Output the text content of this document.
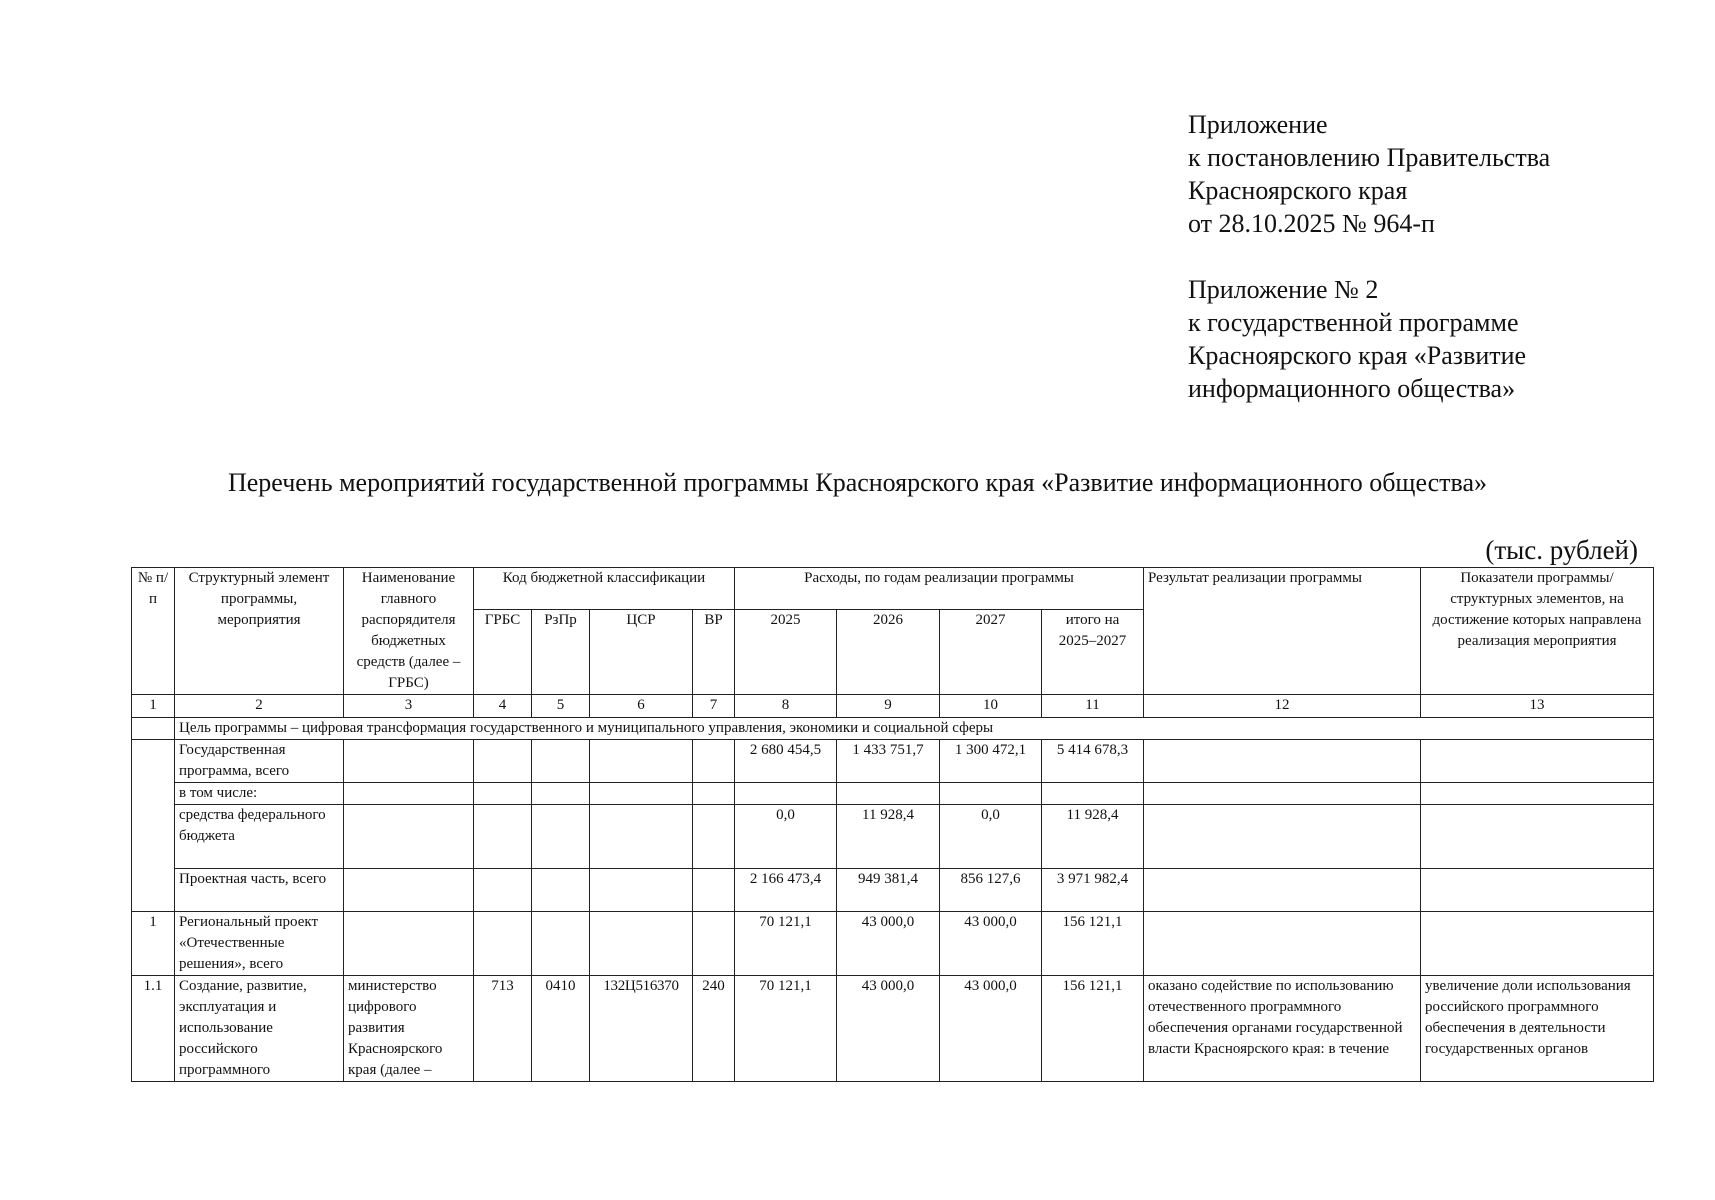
Приложение
к постановлению Правительства
Красноярского края
от 28.10.2025 № 964-п
Приложение № 2
к государственной программе
Красноярского края «Развитие
информационного общества»
Перечень мероприятий государственной программы Красноярского края «Развитие информационного общества»
(тыс. рублей)
№ п/п	Структурный элемент программы, мероприятия	Наименование главного распорядителя бюджетных средств (далее – ГРБС)	Код бюджетной классификации				Расходы, по годам реализации программы				Результат реализации программы	Показатели программы/структурных элементов, на достижение которых направлена реализация мероприятия
			ГРБС	РзПр	ЦСР	ВР	2025	2026	2027	итого на 2025–2027		
1	2	3	4	5	6	7	8	9	10	11	12	13
	Цель программы – цифровая трансформация государственного и муниципального управления, экономики и социальной сферы											
	Государственная программа, всего						2 680 454,5	1 433 751,7	1 300 472,1	5 414 678,3		
	в том числе:											
	средства федерального бюджета						0,0	11 928,4	0,0	11 928,4		
	Проектная часть, всего						2 166 473,4	949 381,4	856 127,6	3 971 982,4		
1	Региональный проект «Отечественные решения», всего						70 121,1	43 000,0	43 000,0	156 121,1		
1.1	Создание, развитие, эксплуатация и использование российского программного	министерство цифрового развития Красноярского края (далее –	713	0410	132Ц516370	240	70 121,1	43 000,0	43 000,0	156 121,1	оказано содействие по использованию отечественного программного обеспечения органами государственной власти Красноярского края: в течение	увеличение доли использования российского программного обеспечения в деятельности государственных органов
